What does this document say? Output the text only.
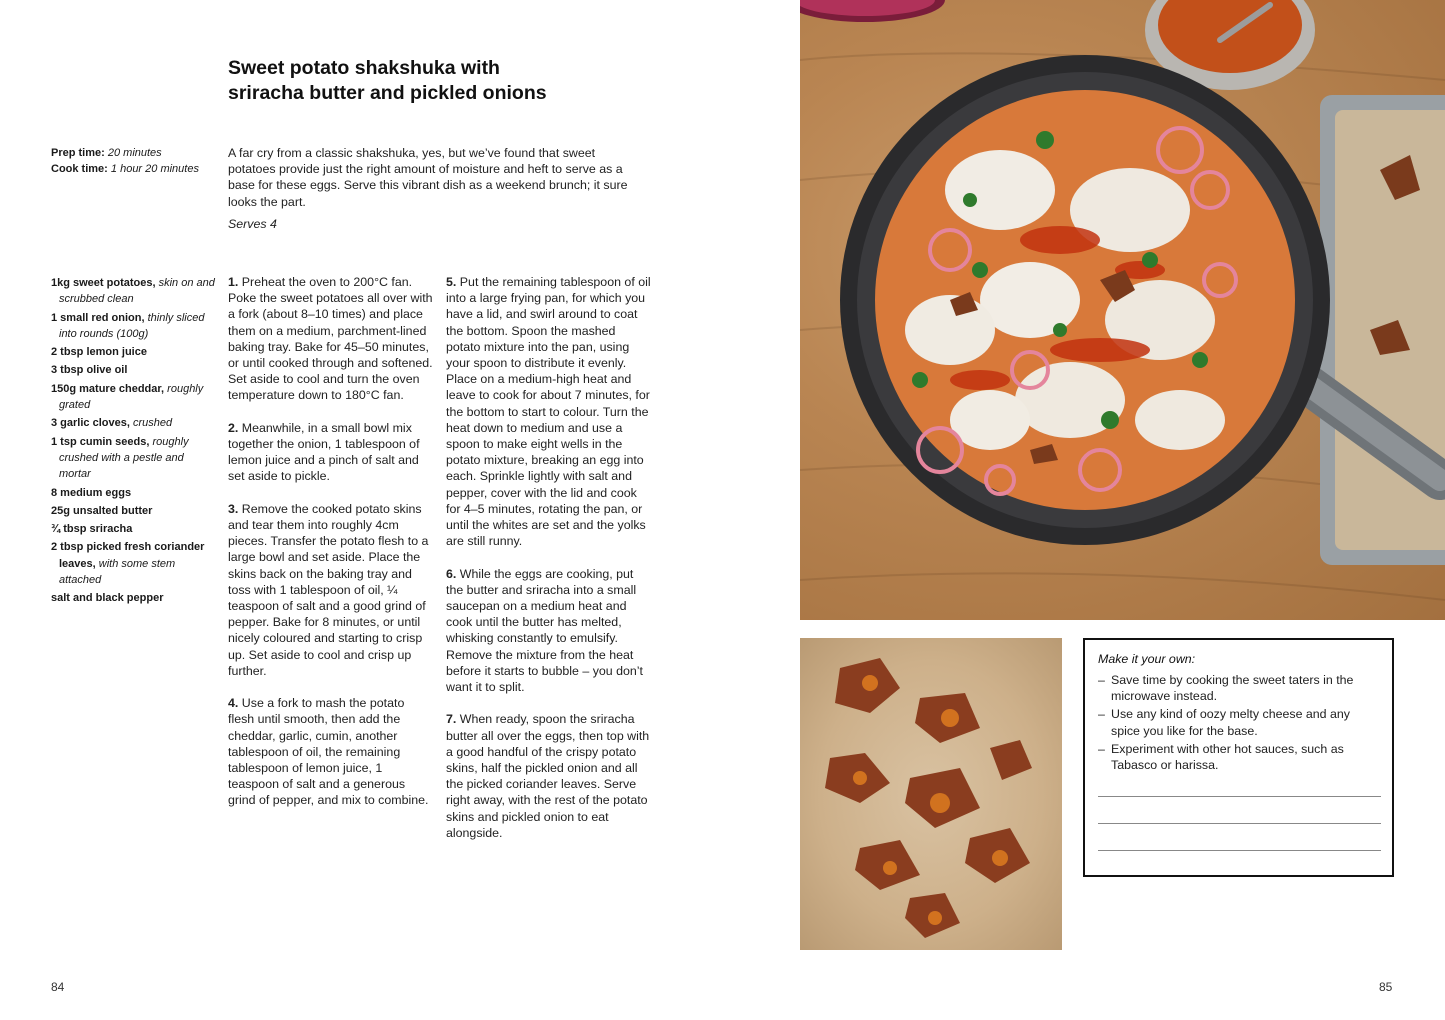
Sweet potato shakshuka with
sriracha butter and pickled onions
Prep time: 20 minutes
Cook time: 1 hour 20 minutes

A far cry from a classic shakshuka, yes, but we’ve found that sweet potatoes provide just the right amount of moisture and heft to serve as a base for these eggs. Serve this vibrant dish as a weekend brunch; it sure looks the part.

Serves 4
1kg sweet potatoes, skin on and scrubbed clean
1 small red onion, thinly sliced into rounds (100g)
2 tbsp lemon juice
3 tbsp olive oil
150g mature cheddar, roughly grated
3 garlic cloves, crushed
1 tsp cumin seeds, roughly crushed with a pestle and mortar
8 medium eggs
25g unsalted butter
¾ tbsp sriracha
2 tbsp picked fresh coriander leaves, with some stem attached
salt and black pepper

1. Preheat the oven to 200°C fan. Poke the sweet potatoes all over with a fork (about 8–10 times) and place them on a medium, parchment-lined baking tray. Bake for 45–50 minutes, or until cooked through and softened. Set aside to cool and turn the oven temperature down to 180°C fan.

2. Meanwhile, in a small bowl mix together the onion, 1 tablespoon of lemon juice and a pinch of salt and set aside to pickle.

3. Remove the cooked potato skins and tear them into roughly 4cm pieces. Transfer the potato flesh to a large bowl and set aside. Place the skins back on the baking tray and toss with 1 tablespoon of oil, ¼ teaspoon of salt and a good grind of pepper. Bake for 8 minutes, or until nicely coloured and starting to crisp up. Set aside to cool and crisp up further.

4. Use a fork to mash the potato flesh until smooth, then add the cheddar, garlic, cumin, another tablespoon of oil, the remaining tablespoon of lemon juice, 1 teaspoon of salt and a generous grind of pepper, and mix to combine.

5. Put the remaining tablespoon of oil into a large frying pan, for which you have a lid, and swirl around to coat the bottom. Spoon the mashed potato mixture into the pan, using your spoon to distribute it evenly. Place on a medium-high heat and leave to cook for about 7 minutes, for the bottom to start to colour. Turn the heat down to medium and use a spoon to make eight wells in the potato mixture, breaking an egg into each. Sprinkle lightly with salt and pepper, cover with the lid and cook for 4–5 minutes, rotating the pan, or until the whites are set and the yolks are still runny.

6. While the eggs are cooking, put the butter and sriracha into a small saucepan on a medium heat and cook until the butter has melted, whisking constantly to emulsify. Remove the mixture from the heat before it starts to bubble – you don’t want it to split.

7. When ready, spoon the sriracha butter all over the eggs, then top with a good handful of the crispy potato skins, half the pickled onion and all the picked coriander leaves. Serve right away, with the rest of the potato skins and pickled onion to eat alongside.

Make it your own:
– Save time by cooking the sweet taters in the microwave instead.
– Use any kind of oozy melty cheese and any spice you like for the base.
– Experiment with other hot sauces, such as Tabasco or harissa.
84	85
